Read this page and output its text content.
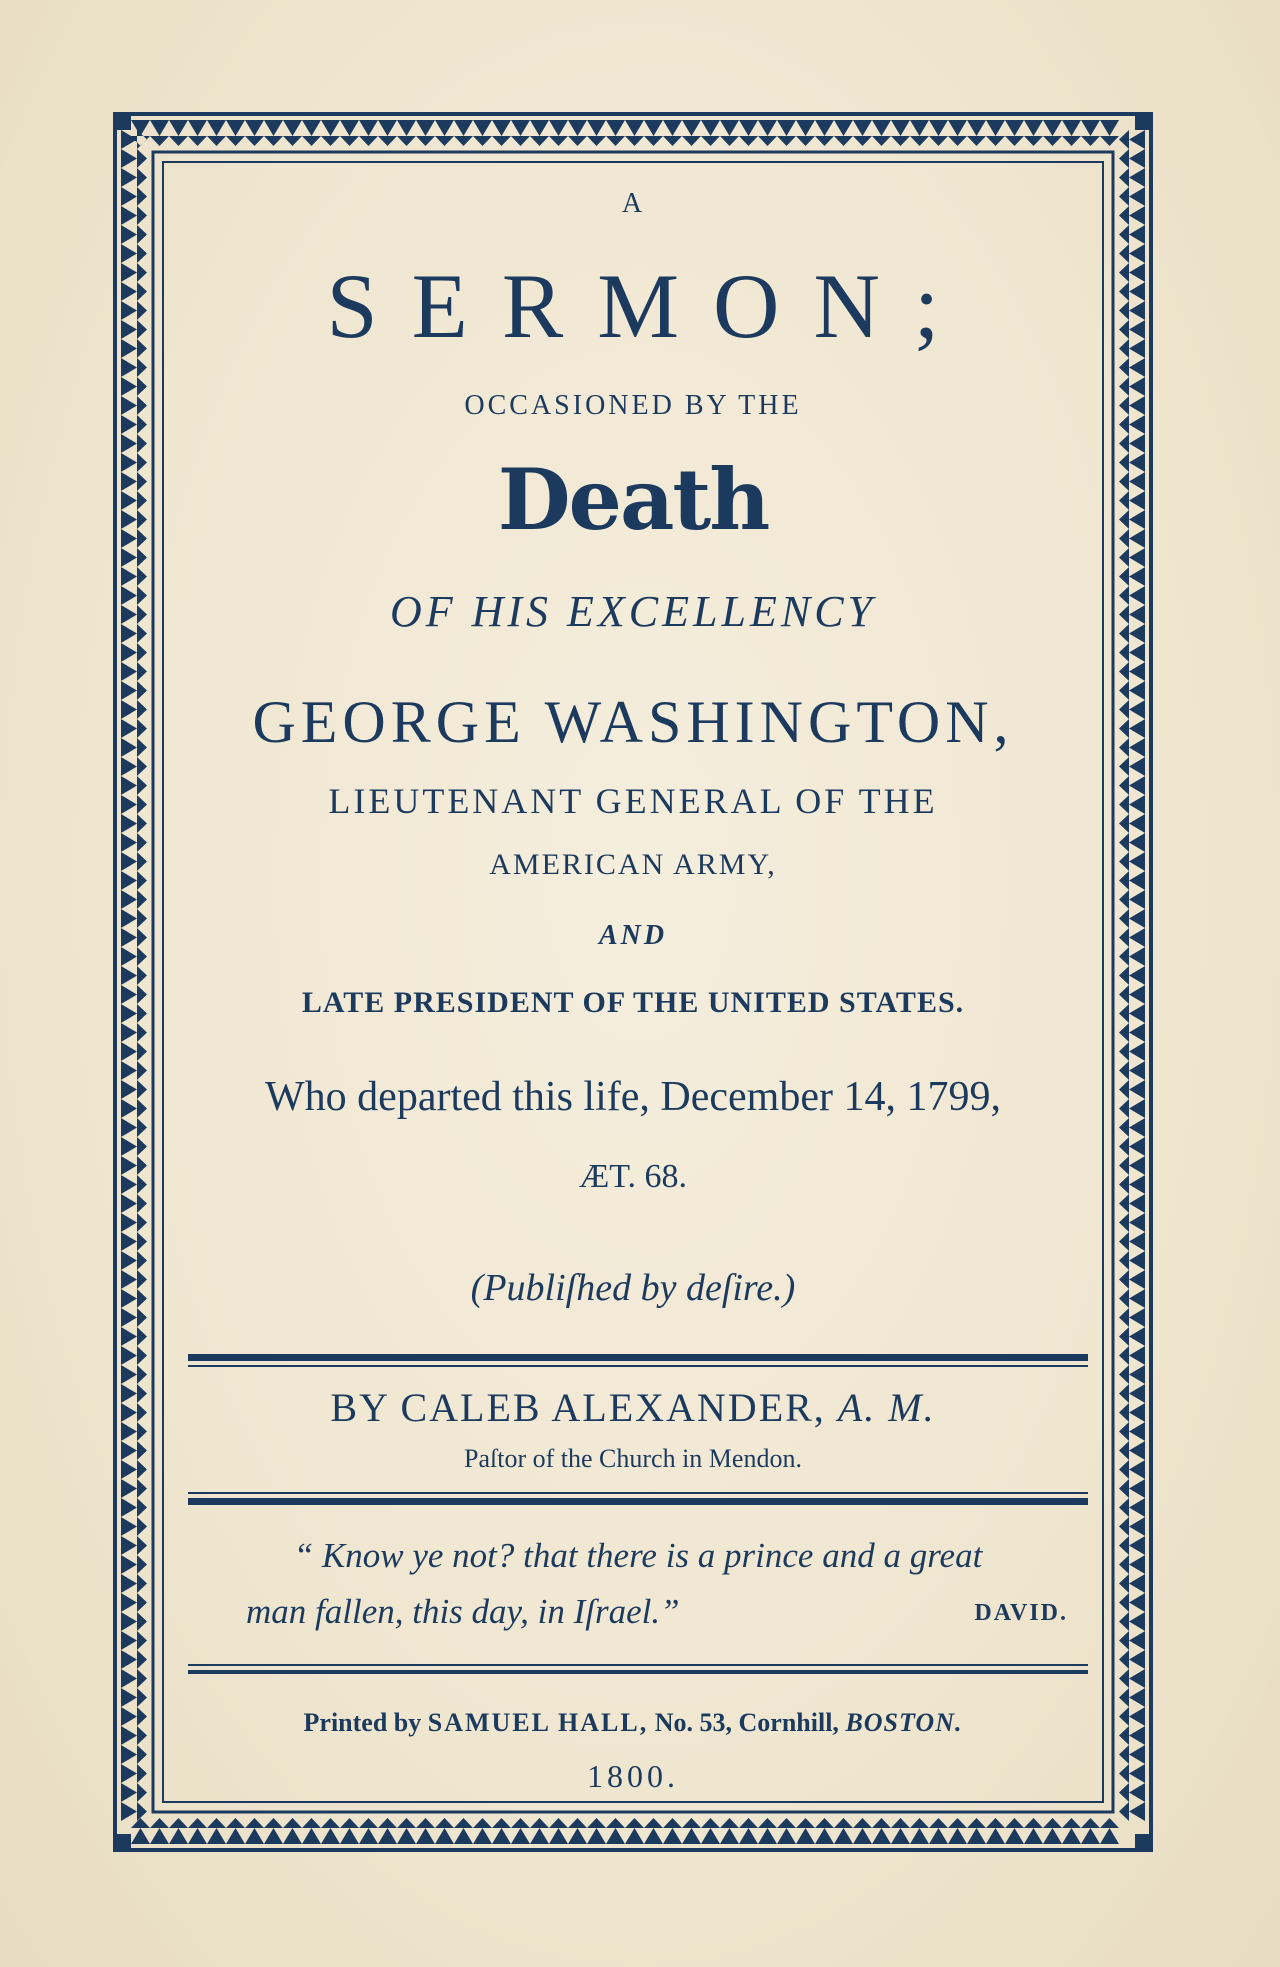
A
SERMON;
OCCASIONED BY THE
Death
OF HIS EXCELLENCY
GEORGE WASHINGTON,
LIEUTENANT GENERAL OF THE
AMERICAN ARMY,
AND
LATE PRESIDENT OF THE UNITED STATES.
Who departed this life, December 14, 1799,
ÆT. 68.
(Publiſhed by deſire.)
BY CALEB ALEXANDER, A. M.
Paſtor of the Church in Mendon.
“ Know ye not? that there is a prince and a great
man fallen, this day, in Iſrael.”	DAVID.
Printed by SAMUEL HALL, No. 53, Cornhill, BOSTON.
1800.
